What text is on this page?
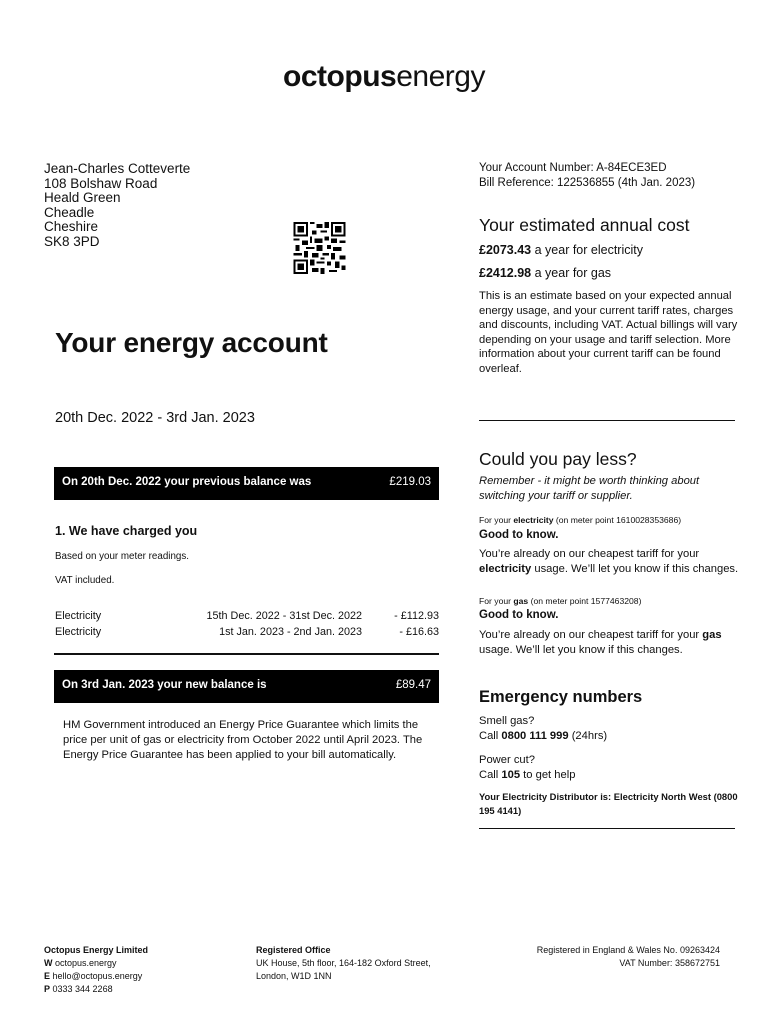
octopusenergy
Jean-Charles Cotteverte
108 Bolshaw Road
Heald Green
Cheadle
Cheshire
SK8 3PD
Your Account Number: A-84ECE3ED
Bill Reference: 122536855 (4th Jan. 2023)
Your estimated annual cost
£2073.43 a year for electricity
£2412.98 a year for gas
This is an estimate based on your expected annual energy usage, and your current tariff rates, charges and discounts, including VAT. Actual billings will vary depending on your usage and tariff selection. More information about your current tariff can be found overleaf.
Your energy account
20th Dec. 2022 - 3rd Jan. 2023
On 20th Dec. 2022 your previous balance was	£219.03
1. We have charged you
Based on your meter readings.
VAT included.
Electricity	15th Dec. 2022 - 31st Dec. 2022	- £112.93
Electricity	1st Jan. 2023 - 2nd Jan. 2023	- £16.63
On 3rd Jan. 2023 your new balance is	£89.47
HM Government introduced an Energy Price Guarantee which limits the price per unit of gas or electricity from October 2022 until April 2023. The Energy Price Guarantee has been applied to your bill automatically.
Could you pay less?
Remember - it might be worth thinking about switching your tariff or supplier.
For your electricity (on meter point 1610028353686)
Good to know.
You’re already on our cheapest tariff for your electricity usage. We’ll let you know if this changes.
For your gas (on meter point 1577463208)
Good to know.
You’re already on our cheapest tariff for your gas usage. We’ll let you know if this changes.
Emergency numbers
Smell gas?
Call 0800 111 999 (24hrs)
Power cut?
Call 105 to get help
Your Electricity Distributor is: Electricity North West (0800 195 4141)
Octopus Energy Limited
W octopus.energy
E hello@octopus.energy
P 0333 344 2268
Registered Office
UK House, 5th floor, 164-182 Oxford Street,
London, W1D 1NN
Registered in England & Wales No. 09263424
VAT Number: 358672751
